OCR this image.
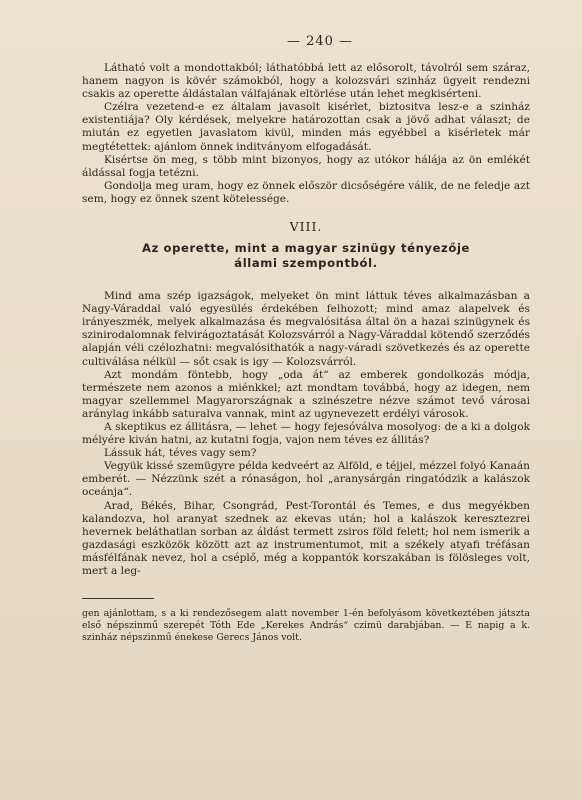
— 240 —

Látható volt a mondottakból; láthatóbbá lett az elősorolt, távolról sem száraz, hanem nagyon is kövér számokból, hogy a kolozsvári szinház ügyeit rendezni csakis az operette áldástalan válfajának eltörlése után lehet megkisérteni.

Czélra vezetend-e ez általam javasolt kisérlet, biztositva lesz-e a szinház existentiája? Oly kérdések, melyekre határozottan csak a jövő adhat választ; de miután ez egyetlen javaslatom kivül, minden más egyébbel a kisérletek már megtétettek: ajánlom önnek inditványom elfogadását.

Kisértse ön meg, s több mint bizonyos, hogy az utókor hálája az ön emlékét áldással fogja tetézni.

Gondolja meg uram, hogy ez önnek először dicsőségére válik, de ne feledje azt sem, hogy ez önnek szent kötelessége.

VIII.
Az operette, mint a magyar szinügy tényezője
állami szempontból.

Mind ama szép igazságok, melyeket ön mint láttuk téves alkalmazásban a Nagy-Váraddal való egyesülés érdekében felhozott; mind amaz alapelvek és irányeszmék, melyek alkalmazása és megvalósitása által ön a hazai szinügynek és szinirodalomnak felvirágoztatását Kolozsvárról a Nagy-Váraddal kötendő szerződés alapján véli czélozhatni: megvalósithatók a nagy-váradi szövetkezés és az operette cultiválása nélkül — sőt csak is igy — Kolozsvárról.

Azt mondám föntebb, hogy „oda át“ az emberek gondolkozás módja, természete nem azonos a miénkkel; azt mondtam továbbá, hogy az idegen, nem magyar szellemmel Magyarországnak a szinészetre nézve számot tevő városai aránylag inkább saturalva vannak, mint az ugynevezett erdélyi városok.

A skeptikus ez állitásra, — lehet — hogy fejesóválva mosolyog: de a ki a dolgok mélyére kiván hatni, az kutatni fogja, vajon nem téves ez állitás?

Lássuk hát, téves vagy sem?

Vegyük kissé szemügyre példa kedveért az Alföld, e téjjel, mézzel folyó Kanaán emberét. — Nézzünk szét a rónaságon, hol „aranysárgán ringatódzik a kalászok oceánja“.

Arad, Békés, Bihar, Csongrád, Pest-Torontál és Temes, e dus megyékben kalandozva, hol aranyat szednek az ekevas után; hol a kalászok keresztezrei hevernek beláthatlan sorban az áldást termett zsiros föld felett; hol nem ismerik a gazdasági eszközök között azt az instrumentumot, mit a székely atyafi tréfásan másfélfának nevez, hol a cséplő, még a koppantók korszakában is fölösleges volt, mert a leg-

gen ajánlottam, s a ki rendezősegem alatt november 1-én befolyásom következtében játszta első népszinmű szerepét Tóth Ede „Kerekes András“ czimü darabjában. — E napig a k. szinház népszinmű énekese Gerecs János volt.
